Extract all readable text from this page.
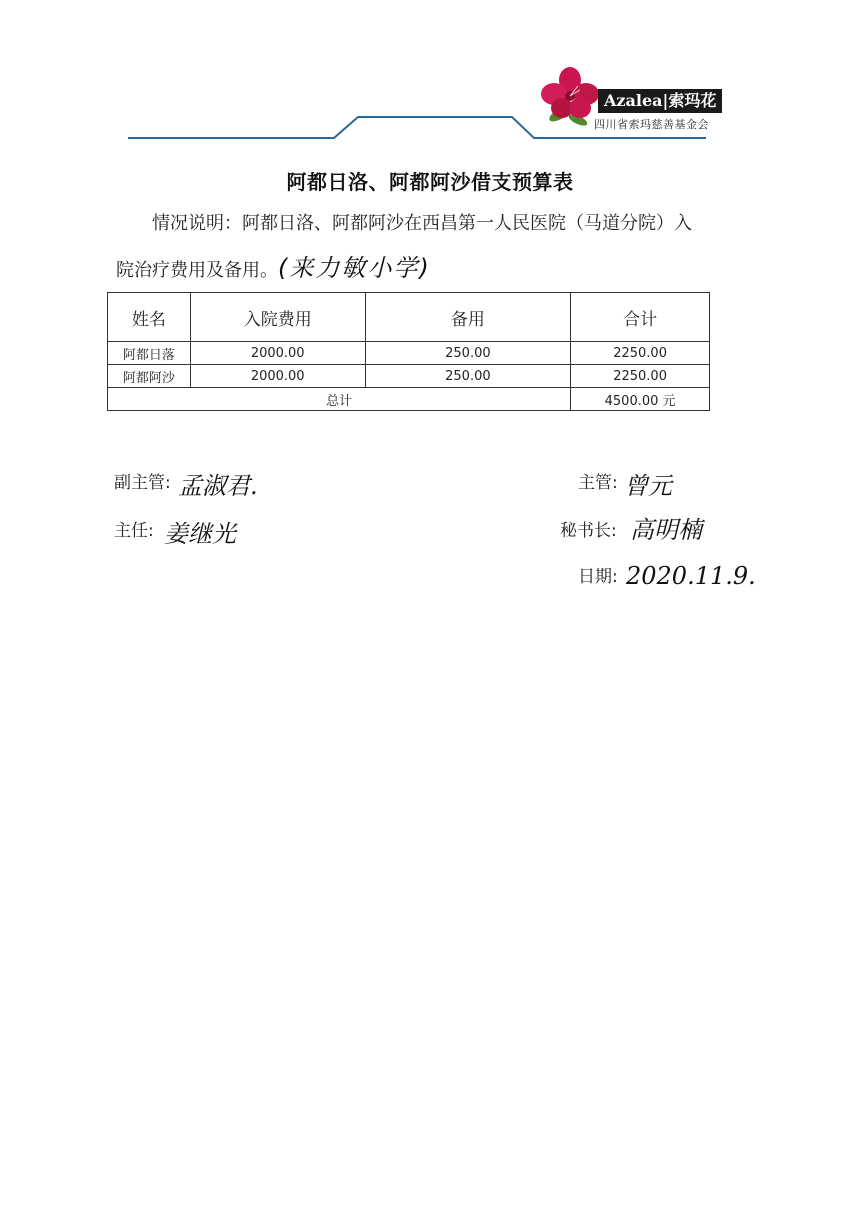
Azalea|索玛花
四川省索玛慈善基金会
阿都日洛、阿都阿沙借支预算表
情况说明：阿都日洛、阿都阿沙在西昌第一人民医院（马道分院）入
院治疗费用及备用。(来力敏小学)
姓名	入院费用	备用	合计
阿都日落	2000.00	250.00	2250.00
阿都阿沙	2000.00	250.00	2250.00
总计			4500.00 元
副主管: 孟淑君.
主任: 姜继光
主管: 曾元
秘书长: 高明楠
日期: 2020.11.9.
